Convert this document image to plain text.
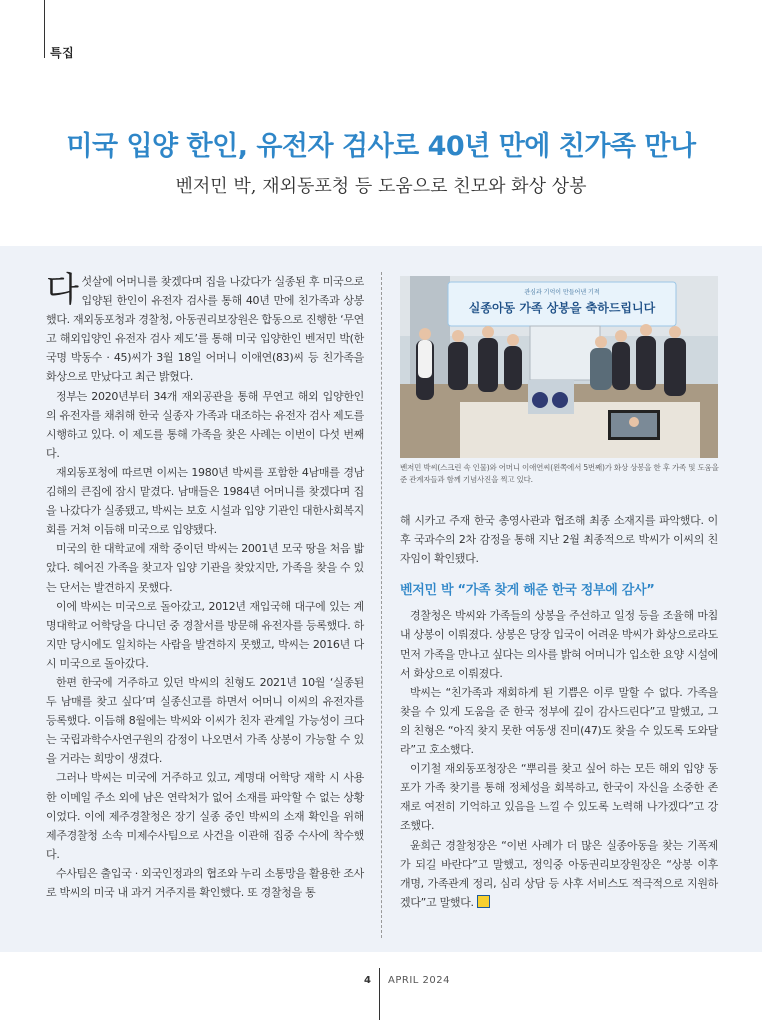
특집
미국 입양 한인, 유전자 검사로 40년 만에 친가족 만나
벤저민 박, 재외동포청 등 도움으로 친모와 화상 상봉

다섯살에 어머니를 찾겠다며 집을 나갔다가 실종된 후 미국으로 입양된 한인이 유전자 검사를 통해 40년 만에 친가족과 상봉했다. 재외동포청과 경찰청, 아동권리보장원은 합동으로 진행한 ‘무연고 해외입양인 유전자 검사 제도’를 통해 미국 입양한인 벤저민 박(한국명 박동수 · 45)씨가 3월 18일 어머니 이애연(83)씨 등 친가족을 화상으로 만났다고 최근 밝혔다.

정부는 2020년부터 34개 재외공관을 통해 무연고 해외 입양한인의 유전자를 채취해 한국 실종자 가족과 대조하는 유전자 검사 제도를 시행하고 있다. 이 제도를 통해 가족을 찾은 사례는 이번이 다섯 번째다.

재외동포청에 따르면 이씨는 1980년 박씨를 포함한 4남매를 경남 김해의 큰집에 잠시 맡겼다. 남매들은 1984년 어머니를 찾겠다며 집을 나갔다가 실종됐고, 박씨는 보호 시설과 입양 기관인 대한사회복지회를 거쳐 이듬해 미국으로 입양됐다.

미국의 한 대학교에 재학 중이던 박씨는 2001년 모국 땅을 처음 밟았다. 헤어진 가족을 찾고자 입양 기관을 찾았지만, 가족을 찾을 수 있는 단서는 발견하지 못했다.

이에 박씨는 미국으로 돌아갔고, 2012년 재입국해 대구에 있는 계명대학교 어학당을 다니던 중 경찰서를 방문해 유전자를 등록했다. 하지만 당시에도 일치하는 사람을 발견하지 못했고, 박씨는 2016년 다시 미국으로 돌아갔다.

한편 한국에 거주하고 있던 박씨의 친형도 2021년 10월 ‘실종된 두 남매를 찾고 싶다’며 실종신고를 하면서 어머니 이씨의 유전자를 등록했다. 이듬해 8월에는 박씨와 이씨가 친자 관계일 가능성이 크다는 국립과학수사연구원의 감정이 나오면서 가족 상봉이 가능할 수 있을 거라는 희망이 생겼다.

그러나 박씨는 미국에 거주하고 있고, 계명대 어학당 재학 시 사용한 이메일 주소 외에 남은 연락처가 없어 소재를 파악할 수 없는 상황이었다. 이에 제주경찰청은 장기 실종 중인 박씨의 소재 확인을 위해 제주경찰청 소속 미제수사팀으로 사건을 이관해 집중 수사에 착수했다.

수사팀은 출입국 · 외국인정과의 협조와 누리 소통망을 활용한 조사로 박씨의 미국 내 과거 거주지를 확인했다. 또 경찰청을 통

관심과 기억이 만들어낸 기적
실종아동 가족 상봉을 축하드립니다
벤저민 박씨(스크린 속 인물)와 어머니 이애연씨(왼쪽에서 5번째)가 화상 상봉을 한 후 가족 및 도움을 준 관계자들과 함께 기념사진을 찍고 있다.

해 시카고 주재 한국 총영사관과 협조해 최종 소재지를 파악했다. 이후 국과수의 2차 감정을 통해 지난 2월 최종적으로 박씨가 이씨의 친자임이 확인됐다.

벤저민 박 “가족 찾게 해준 한국 정부에 감사”

경찰청은 박씨와 가족들의 상봉을 주선하고 일정 등을 조율해 마침내 상봉이 이뤄졌다. 상봉은 당장 입국이 어려운 박씨가 화상으로라도 먼저 가족을 만나고 싶다는 의사를 밝혀 어머니가 입소한 요양 시설에서 화상으로 이뤄졌다.

박씨는 “친가족과 재회하게 된 기쁨은 이루 말할 수 없다. 가족을 찾을 수 있게 도움을 준 한국 정부에 깊이 감사드린다”고 말했고, 그의 친형은 “아직 찾지 못한 여동생 진미(47)도 찾을 수 있도록 도와달라”고 호소했다.

이기철 재외동포청장은 “뿌리를 찾고 싶어 하는 모든 해외 입양 동포가 가족 찾기를 통해 정체성을 회복하고, 한국이 자신을 소중한 존재로 여전히 기억하고 있음을 느낄 수 있도록 노력해 나가겠다”고 강조했다.

윤희근 경찰청장은 “이번 사례가 더 많은 실종아동을 찾는 기폭제가 되길 바란다”고 말했고, 정익중 아동권리보장원장은 “상봉 이후 개명, 가족관계 정리, 심리 상담 등 사후 서비스도 적극적으로 지원하겠다”고 말했다.

4 APRIL 2024
